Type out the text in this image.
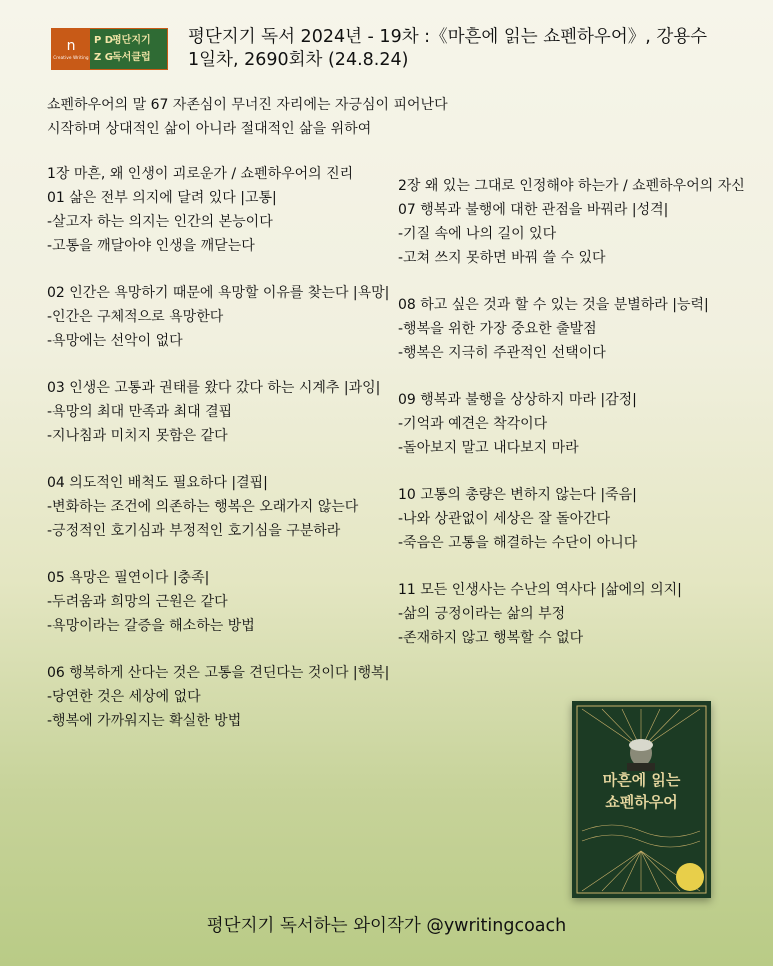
n
Creative Writing
P D
평단지기
Z G 독서클럽
평단지기 독서 2024년 - 19차 :《마흔에 읽는 쇼펜하우어》, 강용수
1일차, 2690회차 (24.8.24)
쇼펜하우어의 말 67 자존심이 무너진 자리에는 자긍심이 피어난다
시작하며 상대적인 삶이 아니라 절대적인 삶을 위하여
1장 마흔, 왜 인생이 괴로운가 / 쇼펜하우어의 진리
01 삶은 전부 의지에 달려 있다 |고통|
-살고자 하는 의지는 인간의 본능이다
-고통을 깨달아야 인생을 깨닫는다
02 인간은 욕망하기 때문에 욕망할 이유를 찾는다 |욕망|
-인간은 구체적으로 욕망한다
-욕망에는 선악이 없다
03 인생은 고통과 권태를 왔다 갔다 하는 시계추 |과잉|
-욕망의 최대 만족과 최대 결핍
-지나침과 미치지 못함은 같다
04 의도적인 배척도 필요하다 |결핍|
-변화하는 조건에 의존하는 행복은 오래가지 않는다
-긍정적인 호기심과 부정적인 호기심을 구분하라
05 욕망은 필연이다 |충족|
-두려움과 희망의 근원은 같다
-욕망이라는 갈증을 해소하는 방법
06 행복하게 산다는 것은 고통을 견딘다는 것이다 |행복|
-당연한 것은 세상에 없다
-행복에 가까워지는 확실한 방법
2장 왜 있는 그대로 인정해야 하는가 / 쇼펜하우어의 자신
07 행복과 불행에 대한 관점을 바꿔라 |성격|
-기질 속에 나의 길이 있다
-고쳐 쓰지 못하면 바꿔 쓸 수 있다
08 하고 싶은 것과 할 수 있는 것을 분별하라 |능력|
-행복을 위한 가장 중요한 출발점
-행복은 지극히 주관적인 선택이다
09 행복과 불행을 상상하지 마라 |감정|
-기억과 예견은 착각이다
-돌아보지 말고 내다보지 마라
10 고통의 총량은 변하지 않는다 |죽음|
-나와 상관없이 세상은 잘 돌아간다
-죽음은 고통을 해결하는 수단이 아니다
11 모든 인생사는 수난의 역사다 |삶에의 의지|
-삶의 긍정이라는 삶의 부정
-존재하지 않고 행복할 수 없다
마흔에 읽는
쇼펜하우어
평단지기 독서하는 와이작가 @ywritingcoach
